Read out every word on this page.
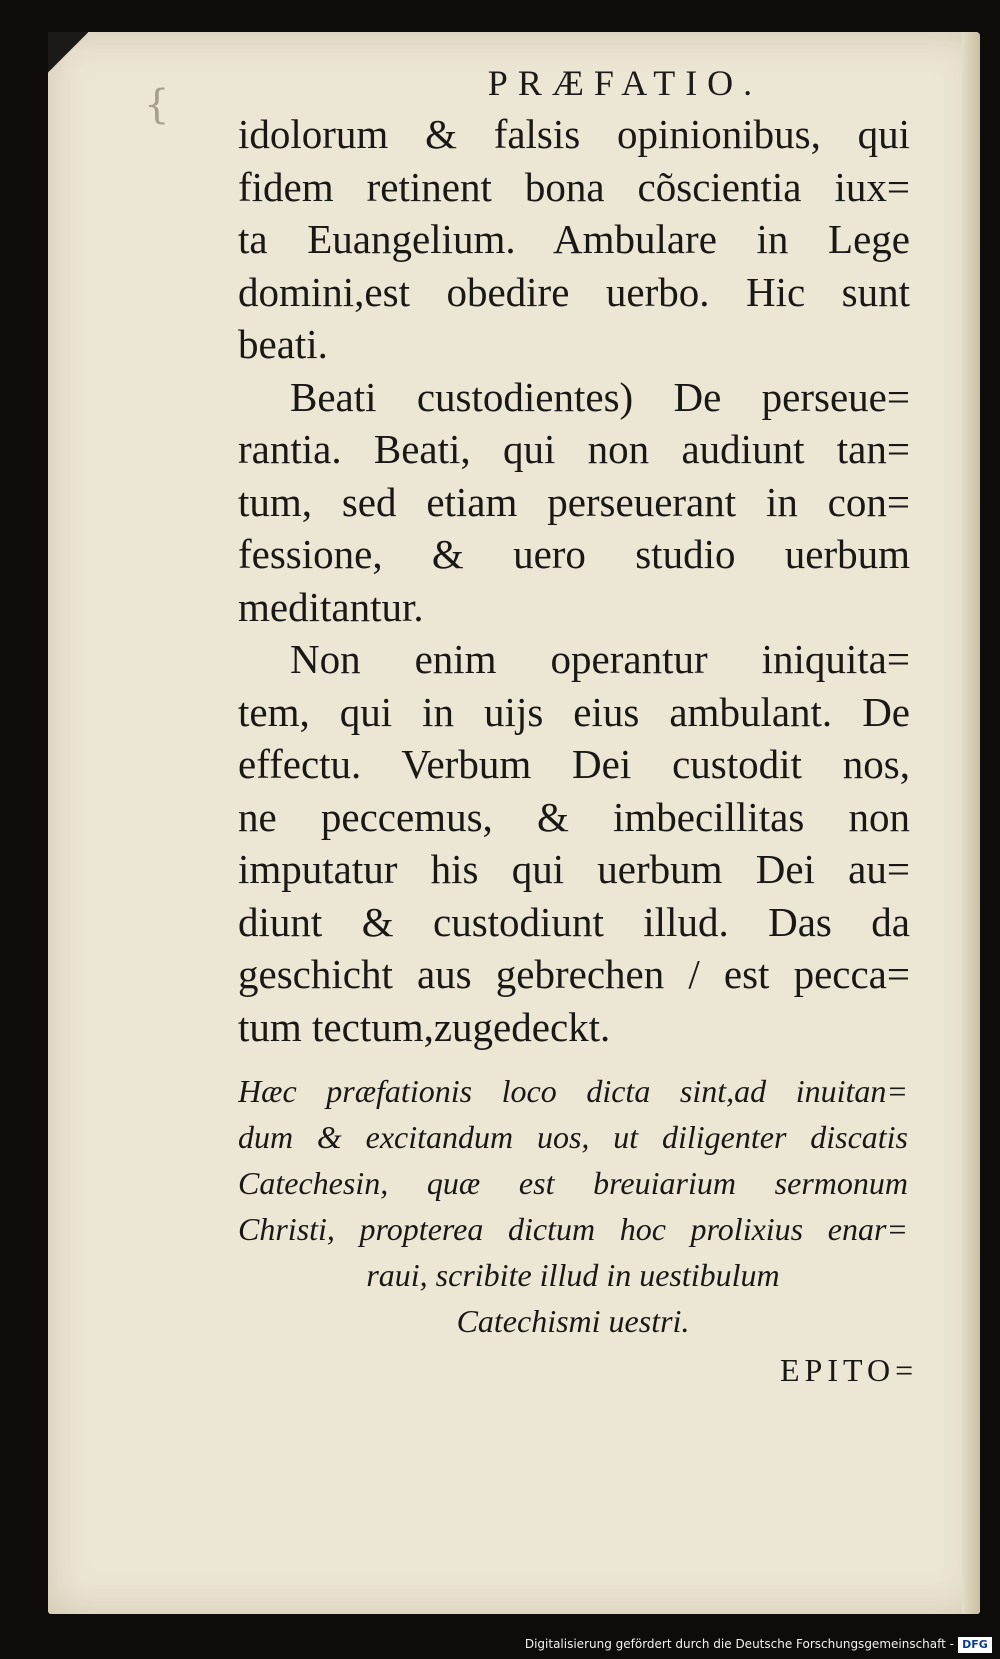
{	PRÆFATIO.
idolorum & falsis opinionibus, qui
fidem retinent bona cõscientia iux=
ta Euangelium. Ambulare in Lege
domini,est obedire uerbo. Hic sunt
beati.
Beati custodientes) De perseue=
rantia. Beati, qui non audiunt tan=
tum, sed etiam perseuerant in con=
fessione, & uero studio uerbum
meditantur.
Non enim operantur iniquita=
tem, qui in uijs eius ambulant. De
effectu. Verbum Dei custodit nos,
ne peccemus, & imbecillitas non
imputatur his qui uerbum Dei au=
diunt & custodiunt illud. Das da
geschicht aus gebrechen / est pecca=
tum tectum,zugedeckt.
Hæc præfationis loco dicta sint,ad inuitan=
dum & excitandum uos, ut diligenter discatis
Catechesin, quæ est breuiarium sermonum
Christi, propterea dictum hoc prolixius enar=
raui, scribite illud in uestibulum
Catechismi uestri.
EPITO=
Digitalisierung gefördert durch die Deutsche Forschungsgemeinschaft - DFG
